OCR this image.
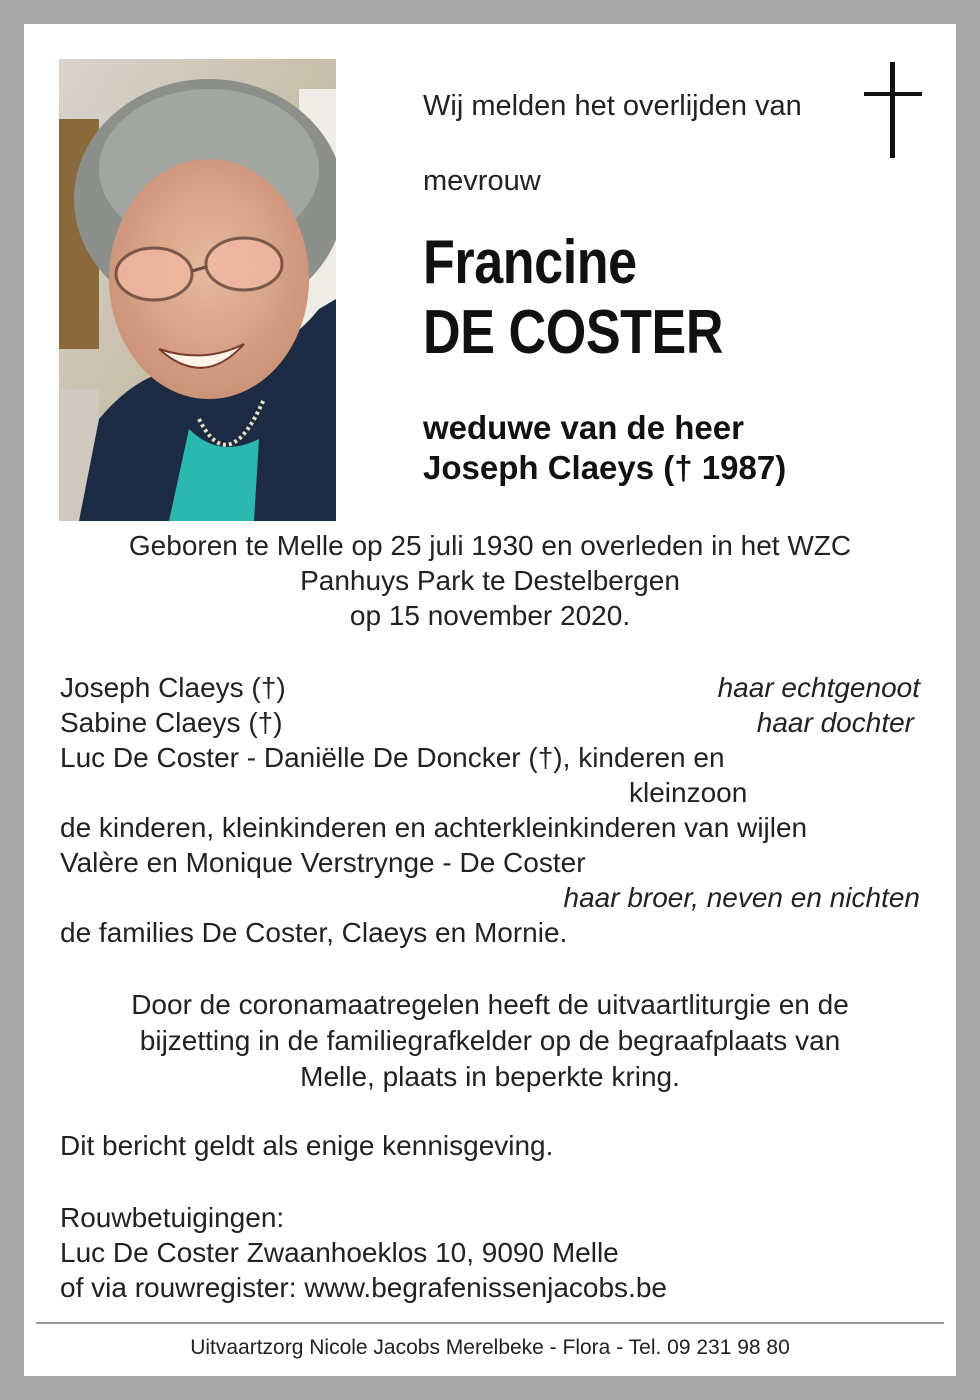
Wij melden het overlijden van
mevrouw
Francine
DE COSTER
weduwe van de heer
Joseph Claeys († 1987)
Geboren te Melle op 25 juli 1930 en overleden in het WZC
Panhuys Park te Destelbergen
op 15 november 2020.
Joseph Claeys (†)	haar echtgenoot
Sabine Claeys (†)	haar dochter
Luc De Coster - Daniëlle De Doncker (†), kinderen en
kleinzoon
de kinderen, kleinkinderen en achterkleinkinderen van wijlen
Valère en Monique Verstrynge - De Coster
haar broer, neven en nichten
de families De Coster, Claeys en Mornie.
Door de coronamaatregelen heeft de uitvaartliturgie en de
bijzetting in de familiegrafkelder op de begraafplaats van
Melle, plaats in beperkte kring.
Dit bericht geldt als enige kennisgeving.
Rouwbetuigingen:
Luc De Coster Zwaanhoeklos 10, 9090 Melle
of via rouwregister: www.begrafenissenjacobs.be
Uitvaartzorg Nicole Jacobs Merelbeke - Flora - Tel. 09 231 98 80
